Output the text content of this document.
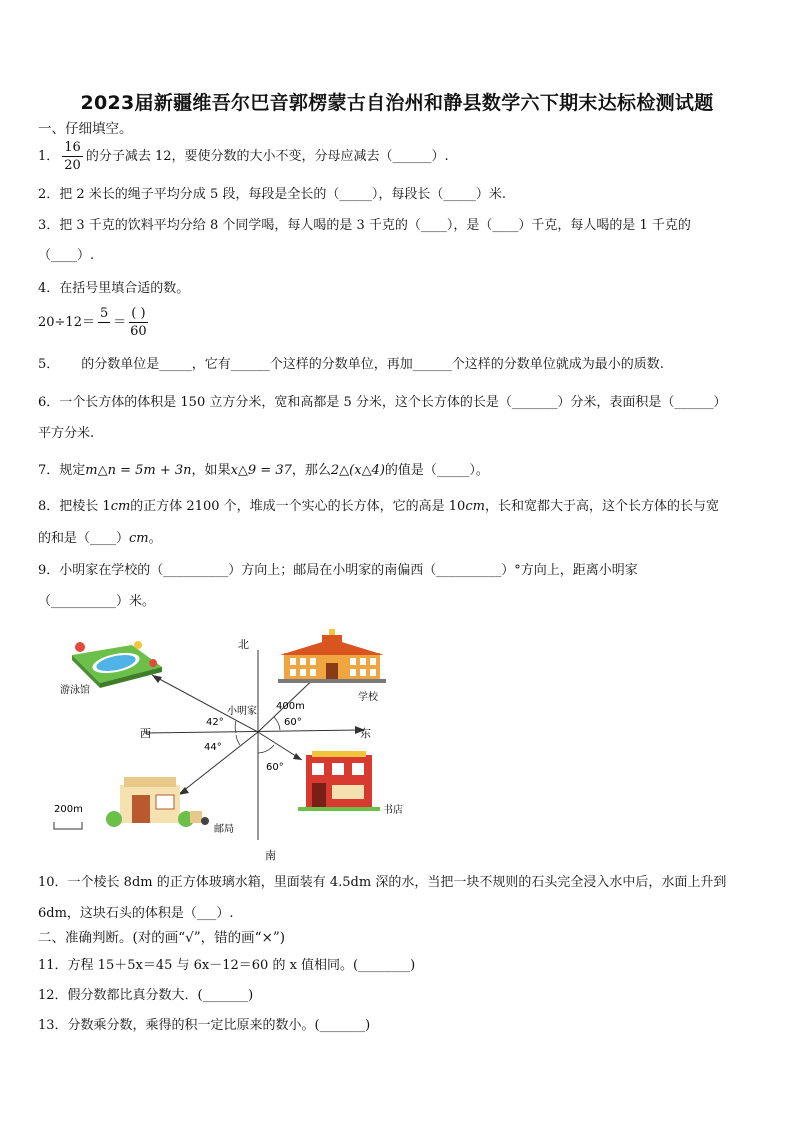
2023届新疆维吾尔巴音郭楞蒙古自治州和静县数学六下期末达标检测试题
一、仔细填空。
1． $\frac{16}{20}$ 的分子减去 12，要使分数的大小不变，分母应减去（______）.
2．把 2 米长的绳子平均分成 5 段，每段是全长的（_____），每段长（_____）米.
3．把 3 千克的饮料平均分给 8 个同学喝，每人喝的是 3 千克的（____），是（____）千克，每人喝的是 1 千克的
（____）.
4．在括号里填合适的数。
20÷12＝
5

＝ $\frac{( )}{60}$
5． 的分数单位是_____，它有______个这样的分数单位，再加______个这样的分数单位就成为最小的质数.
6．一个长方体的体积是 150 立方分米，宽和高都是 5 分米，这个长方体的长是（_______）分米，表面积是（______）
平方分米.
7．规定m△n = 5m + 3n，如果x△9 = 37，那么2△(x△4)的值是（_____）。
8．把棱长 1cm的正方体 2100 个，堆成一个实心的长方体，它的高是 10cm，长和宽都大于高，这个长方体的长与宽
的和是（____）cm。
9．小明家在学校的（__________）方向上；邮局在小明家的南偏西（__________）°方向上，距离小明家
（__________）米。
北
南
西	东
小明家 400m
42°
44°
60°
60°
游泳馆
学校
书店
邮局
200m
10．一个棱长 8dm 的正方体玻璃水箱，里面装有 4.5dm 深的水，当把一块不规则的石头完全浸入水中后，水面上升到
6dm，这块石头的体积是（___）.
二、准确判断。(对的画“√”，错的画“×”)
11．方程 15＋5x＝45 与 6x－12＝60 的 x 值相同。(________)
12．假分数都比真分数大．(_______)
13．分数乘分数，乘得的积一定比原来的数小。(_______)
